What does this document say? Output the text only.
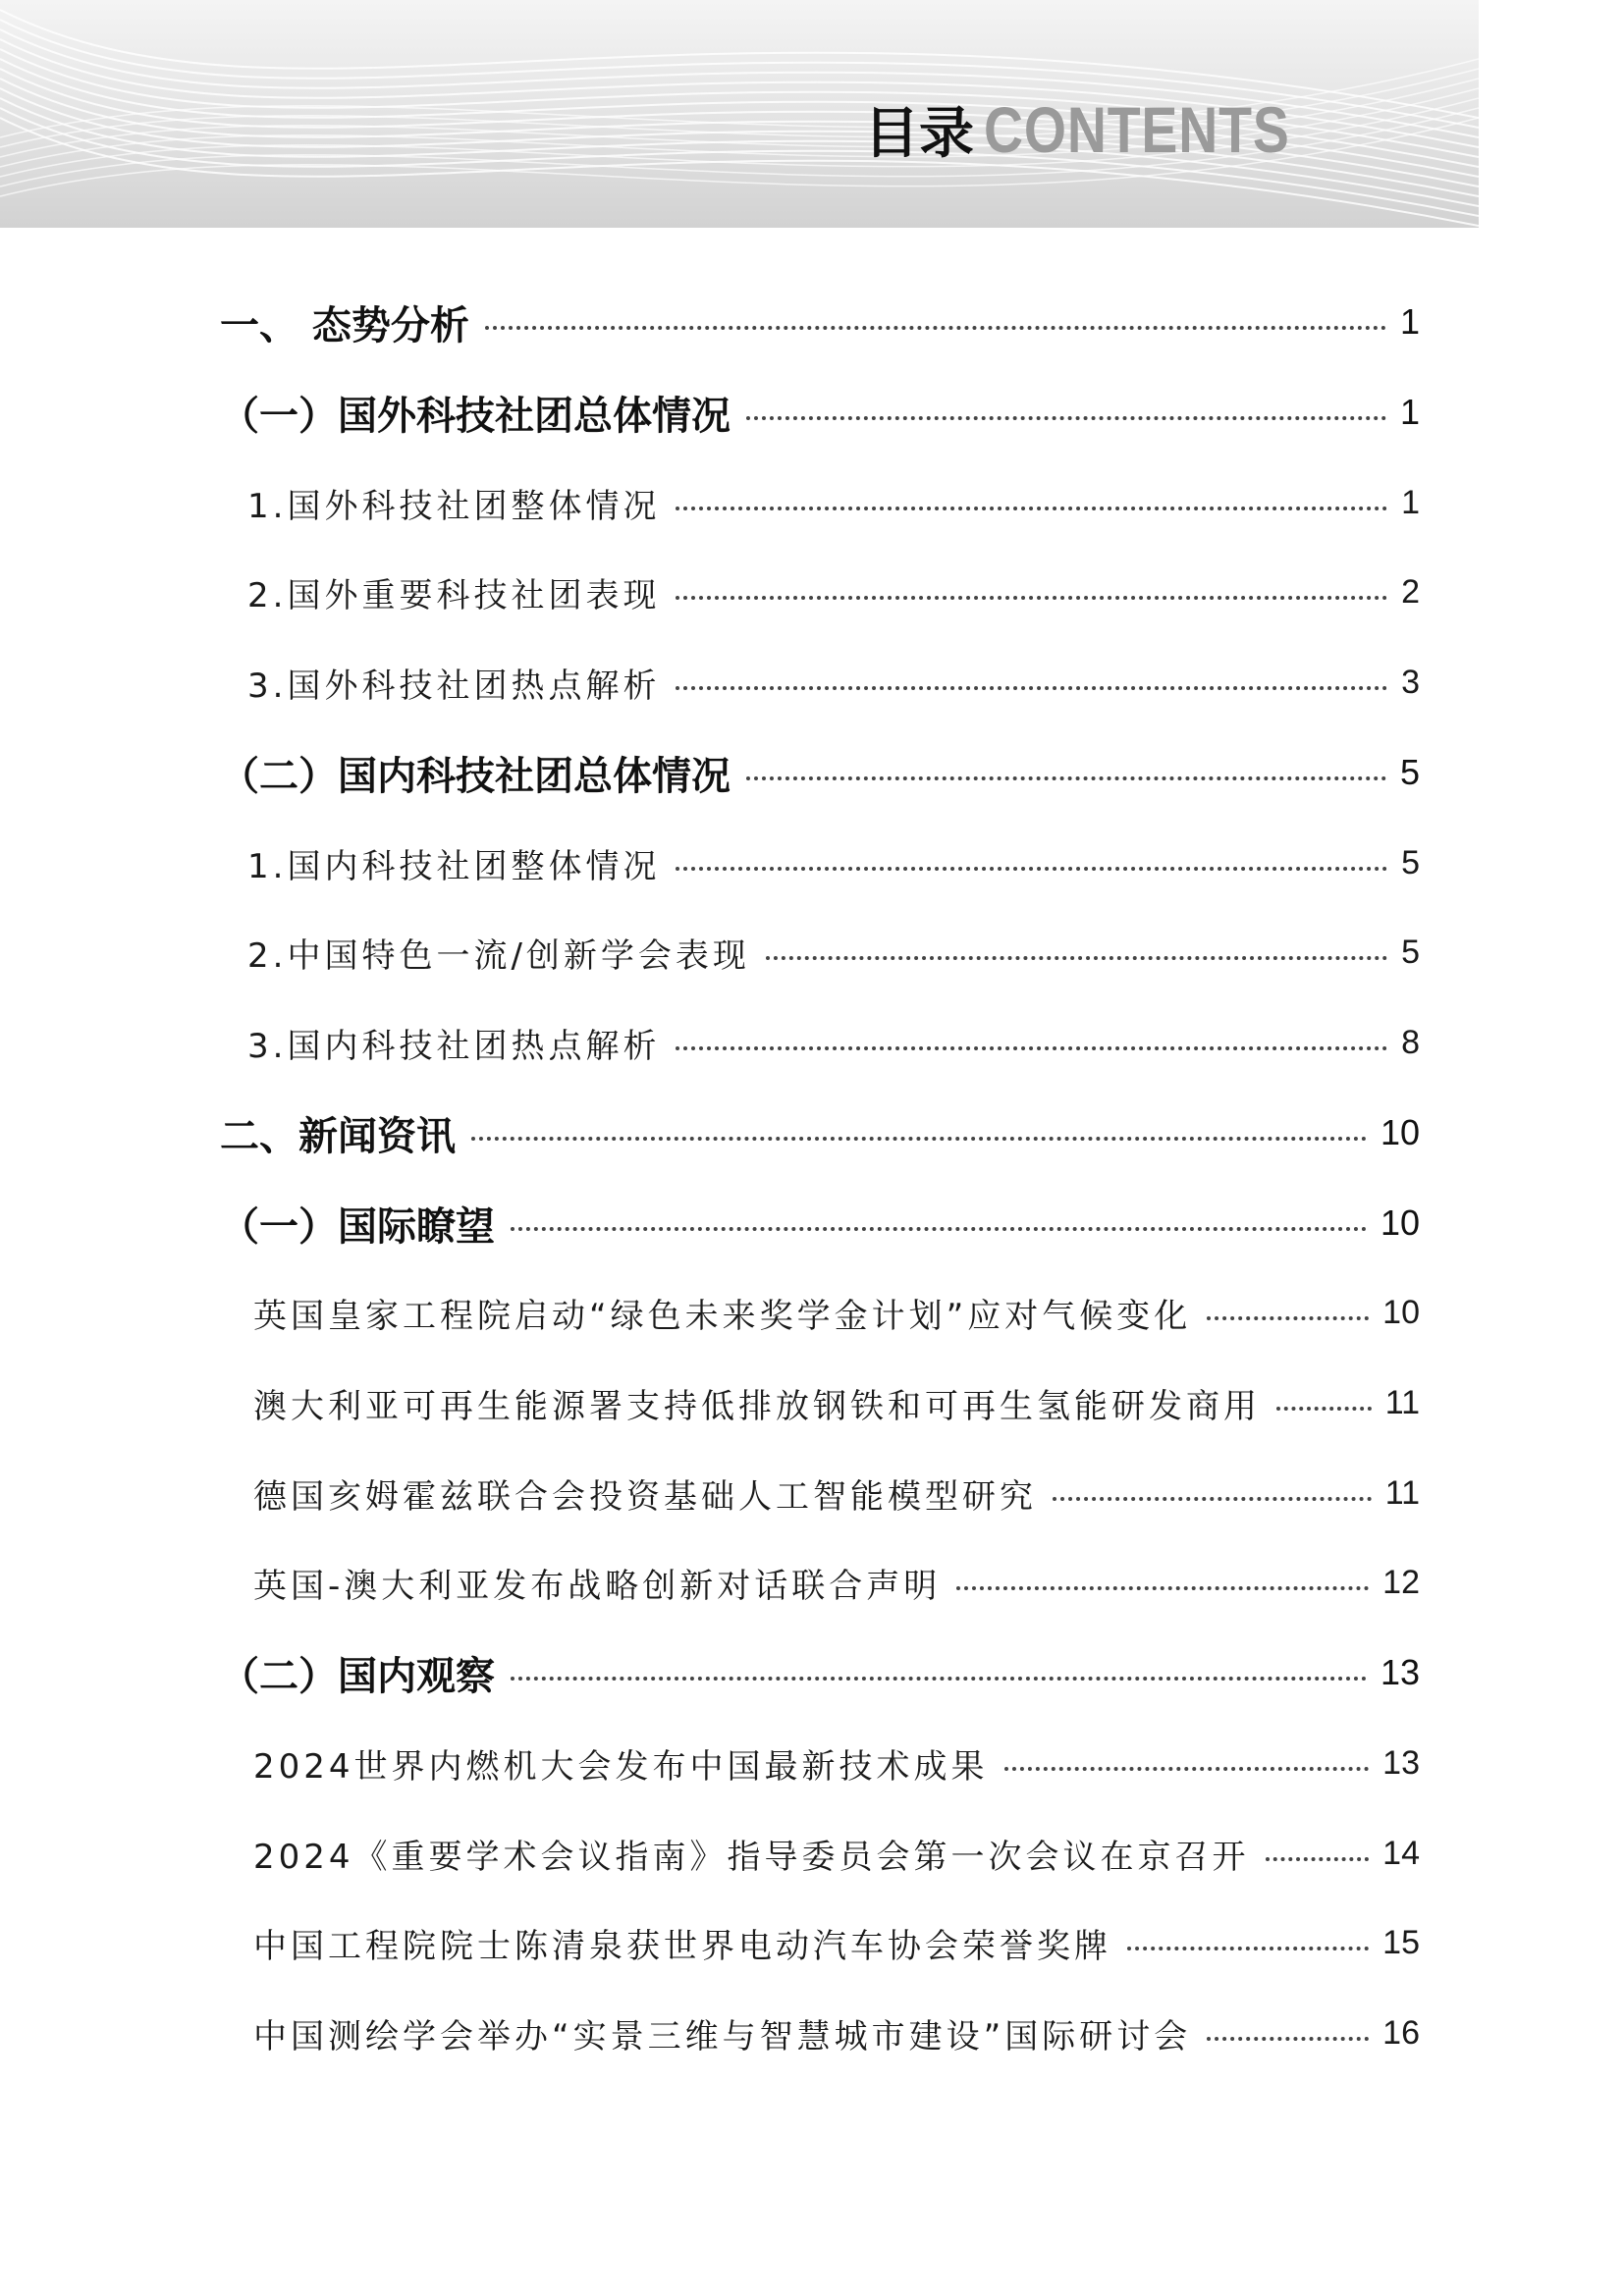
目录 CONTENTS
一、 态势分析	1
（一）国外科技社团总体情况	1
1.国外科技社团整体情况	1
2.国外重要科技社团表现	2
3.国外科技社团热点解析	3
（二）国内科技社团总体情况	5
1.国内科技社团整体情况	5
2.中国特色一流/创新学会表现	5
3.国内科技社团热点解析	8
二、新闻资讯	10
（一）国际瞭望	10
英国皇家工程院启动“绿色未来奖学金计划”应对气候变化	10
澳大利亚可再生能源署支持低排放钢铁和可再生氢能研发商用	11
德国亥姆霍兹联合会投资基础人工智能模型研究	11
英国-澳大利亚发布战略创新对话联合声明	12
（二）国内观察	13
2024世界内燃机大会发布中国最新技术成果	13
2024《重要学术会议指南》指导委员会第一次会议在京召开	14
中国工程院院士陈清泉获世界电动汽车协会荣誉奖牌	15
中国测绘学会举办“实景三维与智慧城市建设”国际研讨会	16
